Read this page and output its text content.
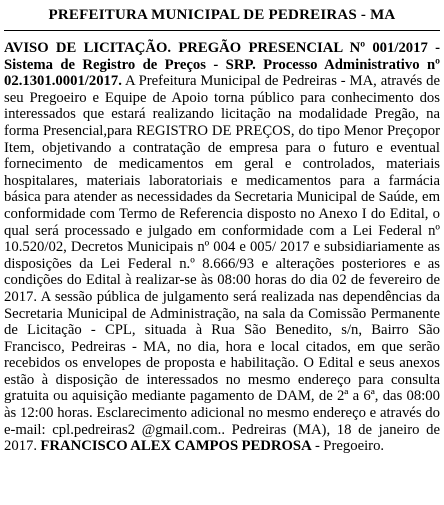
PREFEITURA MUNICIPAL DE PEDREIRAS - MA
AVISO DE LICITAÇÃO. PREGÃO PRESENCIAL Nº 001/2017 - Sistema de Registro de Preços - SRP. Processo Administrativo nº 02.1301.0001/2017. A Prefeitura Municipal de Pedreiras - MA, através de seu Pregoeiro e Equipe de Apoio torna público para conhecimento dos interessados que estará realizando licitação na modalidade Pregão, na forma Presencial,para REGISTRO DE PREÇOS, do tipo Menor Preçopor Item, objetivando a contratação de empresa para o futuro e eventual fornecimento de medicamentos em geral e controlados, materiais hospitalares, materiais laboratoriais e medicamentos para a farmácia básica para atender as necessidades da Secretaria Municipal de Saúde, em conformidade com Termo de Referencia disposto no Anexo I do Edital, o qual será processado e julgado em conformidade com a Lei Federal nº 10.520/02, Decretos Municipais nº 004 e 005/ 2017 e subsidiariamente as disposições da Lei Federal n.º 8.666/93 e alterações posteriores e as condições do Edital à realizar-se às 08:00 horas do dia 02 de fevereiro de 2017. A sessão pública de julgamento será realizada nas dependências da Secretaria Municipal de Administração, na sala da Comissão Permanente de Licitação - CPL, situada à Rua São Benedito, s/n, Bairro São Francisco, Pedreiras - MA, no dia, hora e local citados, em que serão recebidos os envelopes de proposta e habilitação. O Edital e seus anexos estão à disposição de interessados no mesmo endereço para consulta gratuita ou aquisição mediante pagamento de DAM, de 2ª a 6ª, das 08:00 às 12:00 horas. Esclarecimento adicional no mesmo endereço e através do e-mail: cpl.pedreiras2 @gmail.com.. Pedreiras (MA), 18 de janeiro de 2017. FRANCISCO ALEX CAMPOS PEDROSA - Pregoeiro.
